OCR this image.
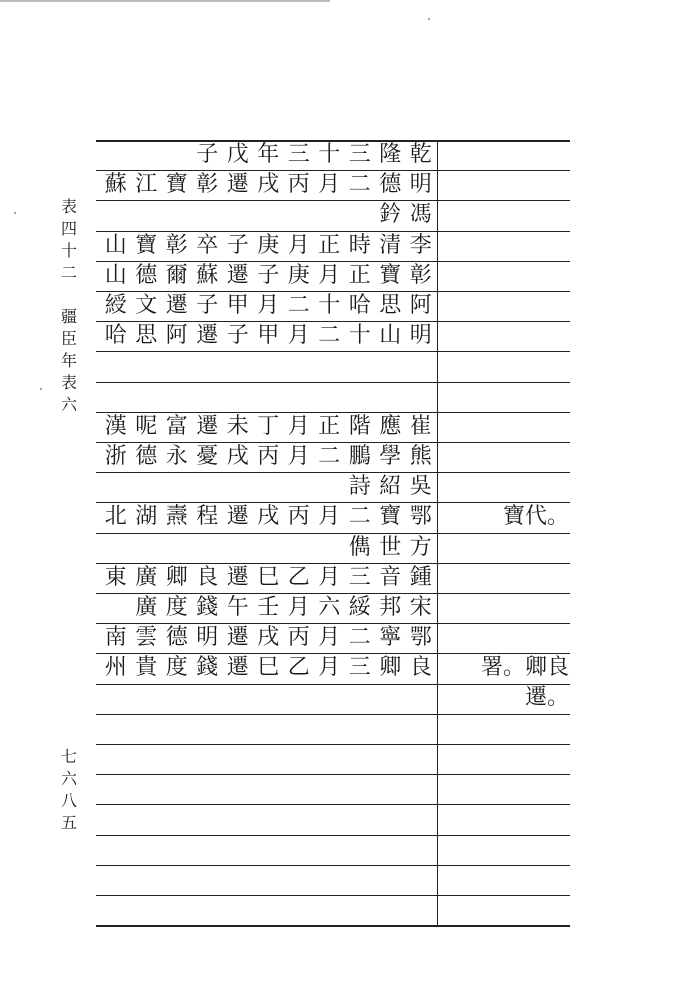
表
四
十
二

疆
臣
年
表
六
七
六
八
五
乾
隆
三
十
三
年
戊
子
明
德
二
月
丙
戌
遷
彰
寶
江
蘇
馮
鈐
李
清
時
正
月
庚
子
卒
彰
寶
山
彰
寶
正
月
庚
子
遷
蘇
爾
德
山
阿
思
哈
十
二
月
甲
子
遷
文
綬
明
山
十
二
月
甲
子
遷
阿
思
哈
崔
應
階
正
月
丁
未
遷
富
呢
漢
熊
學
鵬
二
月
丙
戌
憂
永
德
浙
吳
紹
詩
鄂
寶
二
月
丙
戌
遷
程
燾
湖
北	寶代。
方
世
儁
鍾
音
三
月
乙
巳
遷
良
卿
廣
東
宋
邦
綏
六
月
壬
午
錢
度
廣
鄂
寧
二
月
丙
戌
遷
明
德
雲
南
良
卿
三
月
乙
巳
遷
錢
度
貴
州	署。卿良遷。
